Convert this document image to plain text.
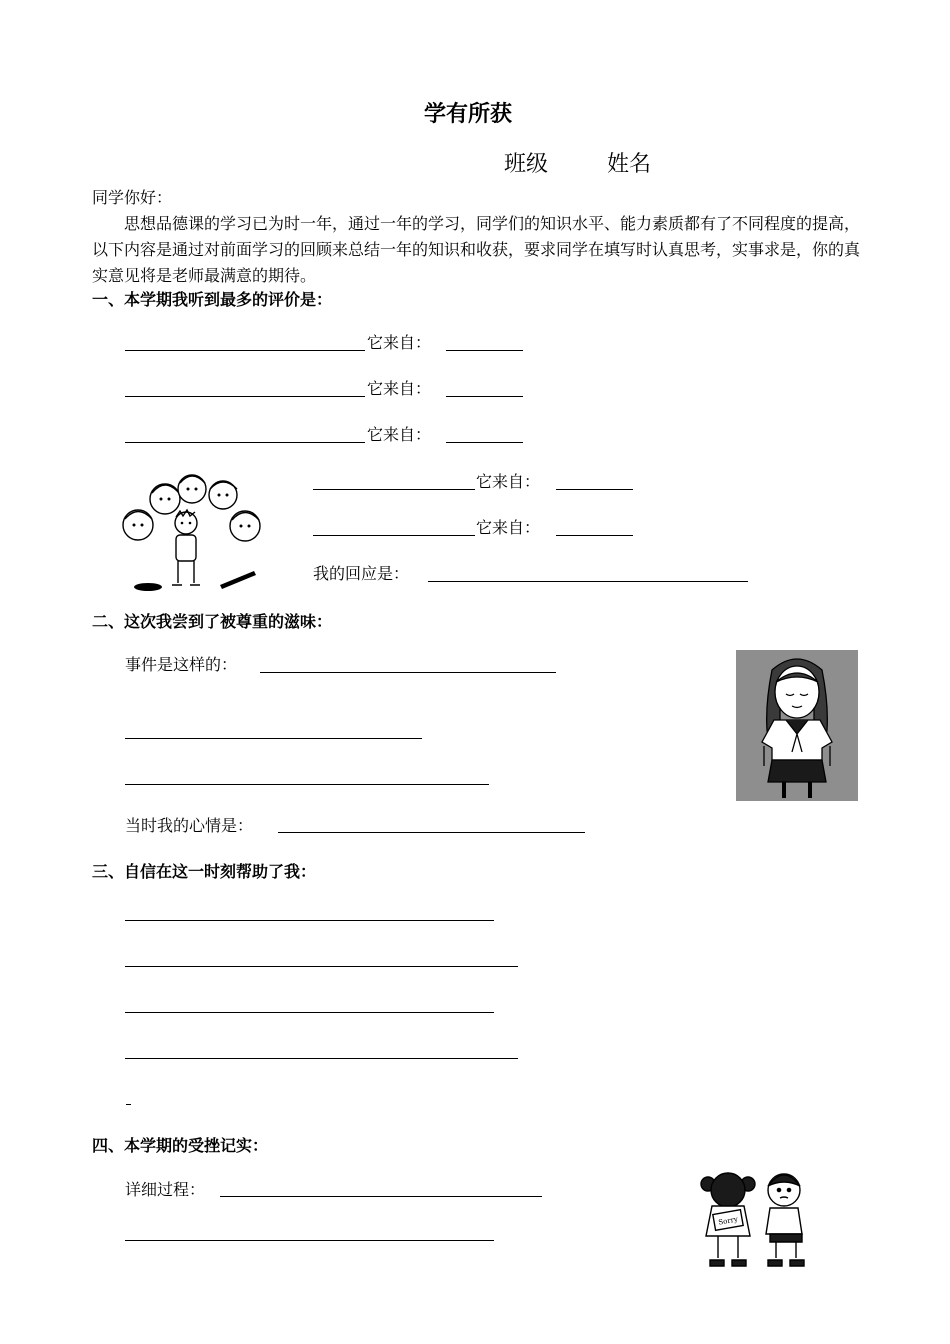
学有所获
班级	姓名
同学你好：
思想品德课的学习已为时一年，通过一年的学习，同学们的知识水平、能力素质都有了不同程度的提高，以下内容是通过对前面学习的回顾来总结一年的知识和收获，要求同学在填写时认真思考，实事求是，你的真实意见将是老师最满意的期待。
一、本学期我听到最多的评价是：
它来自：
它来自：
它来自：
它来自：
它来自：
我的回应是：
二、这次我尝到了被尊重的滋味：
事件是这样的：
当时我的心情是：
三、自信在这一时刻帮助了我：
四、本学期的受挫记实：
详细过程：
Sorry
